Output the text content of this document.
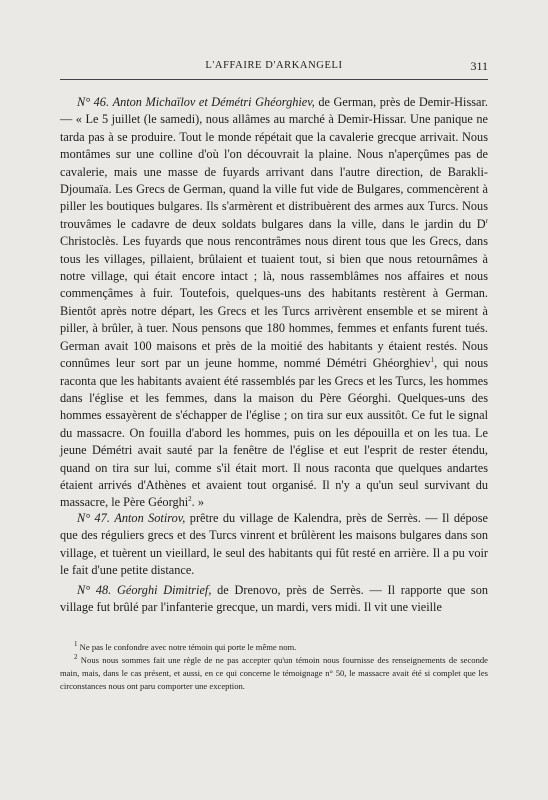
L'AFFAIRE D'ARKANGELI	311

N° 46. Anton Michaïlov et Démétri Ghéorghiev, de German, près de Demir-Hissar. — « Le 5 juillet (le samedi), nous allâmes au marché à Demir-Hissar. Une panique ne tarda pas à se produire. Tout le monde répétait que la cavalerie grecque arrivait. Nous montâmes sur une colline d'où l'on découvrait la plaine. Nous n'aperçûmes pas de cavalerie, mais une masse de fuyards arrivant dans l'autre direction, de Barakli-Djoumaïa. Les Grecs de German, quand la ville fut vide de Bulgares, commencèrent à piller les boutiques bulgares. Ils s'armèrent et distribuèrent des armes aux Turcs. Nous trouvâmes le cadavre de deux soldats bulgares dans la ville, dans le jardin du $D^r$ Christoclès. Les fuyards que nous rencontrâmes nous dirent tous que les Grecs, dans tous les villages, pillaient, brûlaient et tuaient tout, si bien que nous retournâmes à notre village, qui était encore intact ; là, nous rassemblâmes nos affaires et nous commençâmes à fuir. Toutefois, quelques-uns des habitants restèrent à German. Bientôt après notre départ, les Grecs et les Turcs arrivèrent ensemble et se mirent à piller, à brûler, à tuer. Nous pensons que 180 hommes, femmes et enfants furent tués. German avait 100 maisons et près de la moitié des habitants y étaient restés. Nous connûmes leur sort par un jeune homme, nommé Démétri Ghéorghiev$^1$, qui nous raconta que les habitants avaient été rassemblés par les Grecs et les Turcs, les hommes dans l'église et les femmes, dans la maison du Père Géorghi. Quelques-uns des hommes essayèrent de s'échapper de l'église ; on tira sur eux aussitôt. Ce fut le signal du massacre. On fouilla d'abord les hommes, puis on les dépouilla et on les tua. Le jeune Démétri avait sauté par la fenêtre de l'église et eut l'esprit de rester étendu, quand on tira sur lui, comme s'il était mort. Il nous raconta que quelques andartes étaient arrivés d'Athènes et avaient tout organisé. Il n'y a qu'un seul survivant du massacre, le Père Géorghi$^2$. »

N° 47. Anton Sotirov, prêtre du village de Kalendra, près de Serrès. — Il dépose que des réguliers grecs et des Turcs vinrent et brûlèrent les maisons bulgares dans son village, et tuèrent un vieillard, le seul des habitants qui fût resté en arrière. Il a pu voir le fait d'une petite distance.

N° 48. Géorghi Dimitrief, de Drenovo, près de Serrès. — Il rapporte que son village fut brûlé par l'infanterie grecque, un mardi, vers midi. Il vit une vieille

$^1$ Ne pas le confondre avec notre témoin qui porte le même nom.

$^2$ Nous nous sommes fait une règle de ne pas accepter qu'un témoin nous fournisse des renseignements de seconde main, mais, dans le cas présent, et aussi, en ce qui concerne le témoignage n° 50, le massacre avait été si complet que les circonstances nous ont paru comporter une exception.
